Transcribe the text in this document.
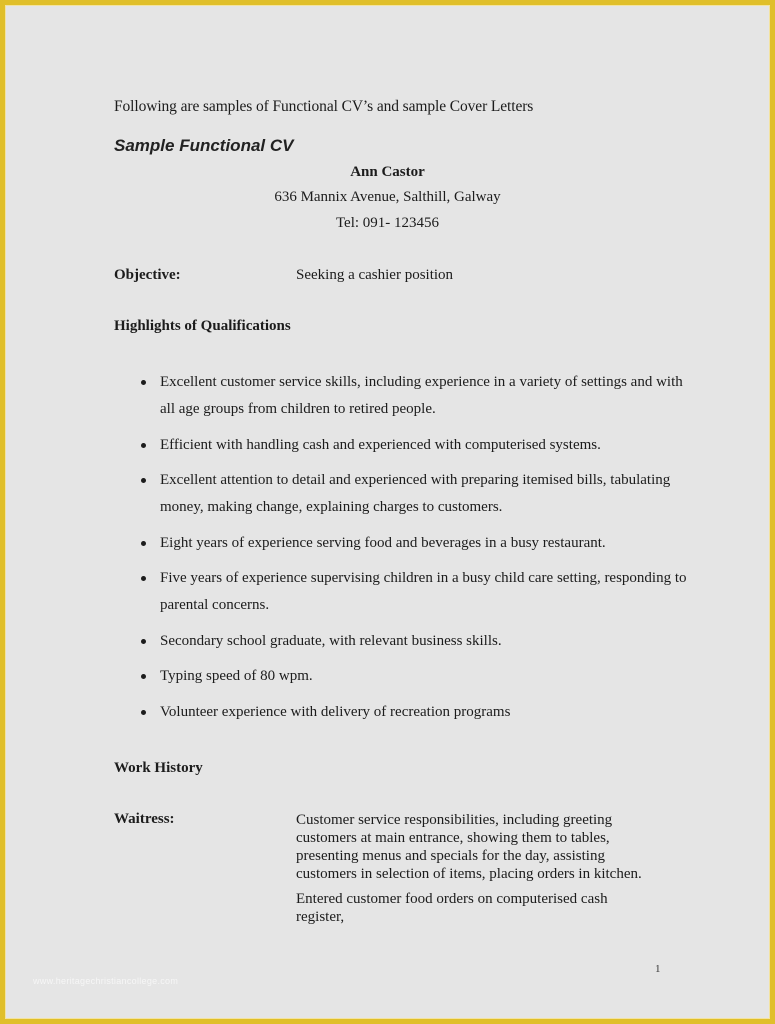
Following are samples of Functional CV’s and sample Cover Letters
Sample Functional CV
Ann Castor
636 Mannix Avenue, Salthill, Galway
Tel: 091- 123456
Objective:	Seeking a cashier position
Highlights of Qualifications
Excellent customer service skills, including experience in a variety of settings and with all age groups from children to retired people.
Efficient with handling cash and experienced with computerised systems.
Excellent attention to detail and experienced with preparing itemised bills, tabulating money, making change, explaining charges to customers.
Eight years of experience serving food and beverages in a busy restaurant.
Five years of experience supervising children in a busy child care setting, responding to parental concerns.
Secondary school graduate, with relevant business skills.
Typing speed of 80 wpm.
Volunteer experience with delivery of recreation programs
Work History
Waitress:	Customer service responsibilities, including greeting customers at main entrance, showing them to tables, presenting menus and specials for the day, assisting customers in selection of items, placing orders in kitchen.
Entered customer food orders on computerised cash register,
1
www.heritagechristiancollege.com
